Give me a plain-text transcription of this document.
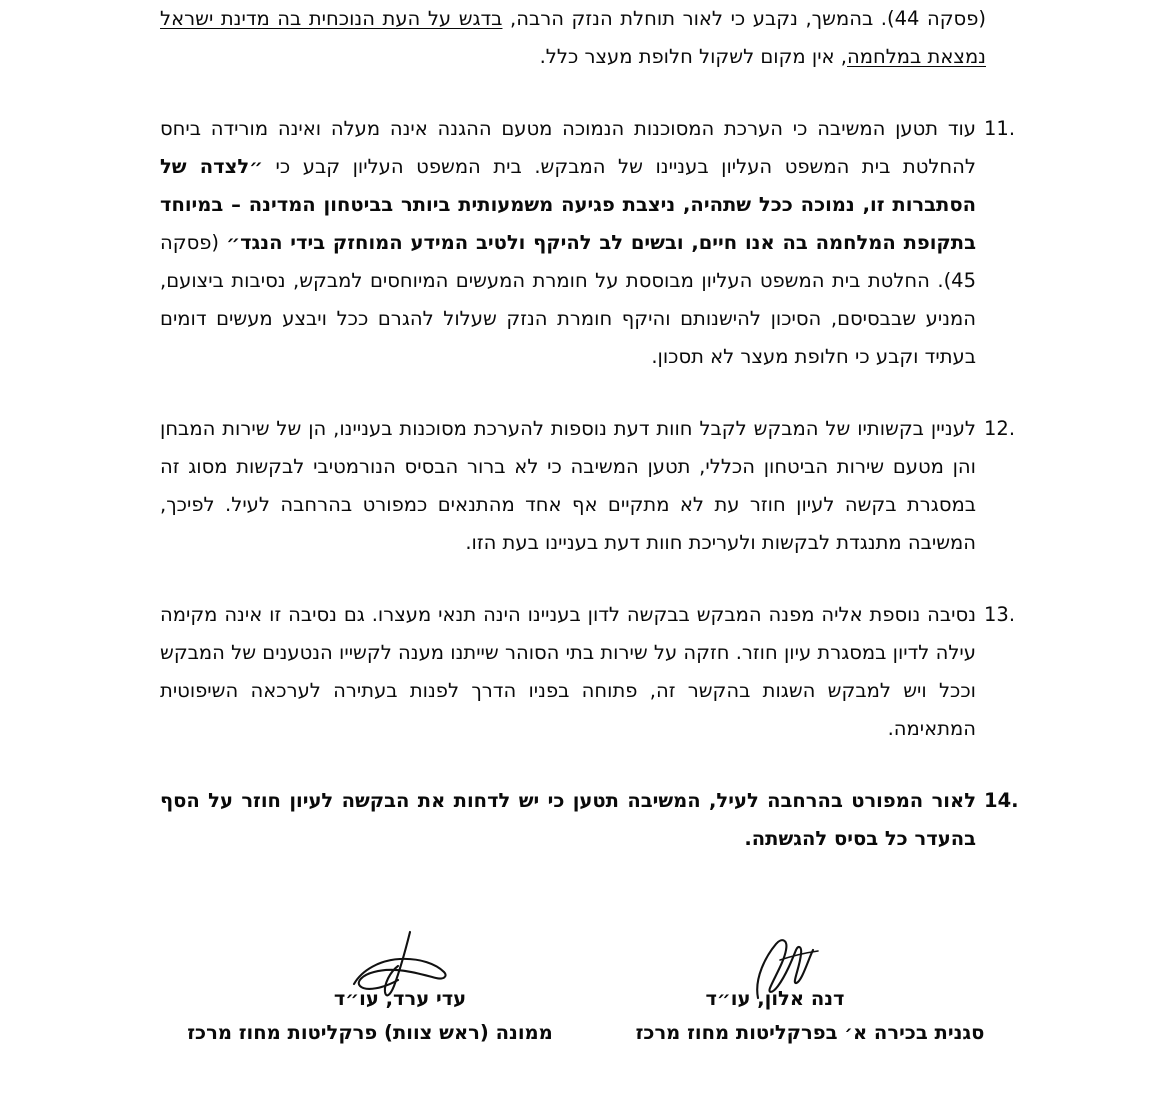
(פסקה 44). בהמשך, נקבע כי לאור תוחלת הנזק הרבה, בדגש על העת הנוכחית בה מדינת ישראל נמצאת במלחמה, אין מקום לשקול חלופת מעצר כלל.

11.
עוד תטען המשיבה כי הערכת המסוכנות הנמוכה מטעם ההגנה אינה מעלה ואינה מורידה ביחס להחלטת בית המשפט העליון בעניינו של המבקש. בית המשפט העליון קבע כי ״לצדה של הסתברות זו, נמוכה ככל שתהיה, ניצבת פגיעה משמעותית ביותר בביטחון המדינה – במיוחד בתקופת המלחמה בה אנו חיים, ובשים לב להיקף ולטיב המידע המוחזק בידי הנגד״ (פסקה 45). החלטת בית המשפט העליון מבוססת על חומרת המעשים המיוחסים למבקש, נסיבות ביצועם, המניע שבבסיסם, הסיכון להישנותם והיקף חומרת הנזק שעלול להגרם ככל ויבצע מעשים דומים בעתיד וקבע כי חלופת מעצר לא תסכון.
12.
לעניין בקשותיו של המבקש לקבל חוות דעת נוספות להערכת מסוכנות בעניינו, הן של שירות המבחן והן מטעם שירות הביטחון הכללי, תטען המשיבה כי לא ברור הבסיס הנורמטיבי לבקשות מסוג זה במסגרת בקשה לעיון חוזר עת לא מתקיים אף אחד מהתנאים כמפורט בהרחבה לעיל. לפיכך, המשיבה מתנגדת לבקשות ולעריכת חוות דעת בעניינו בעת הזו.
13.
נסיבה נוספת אליה מפנה המבקש בבקשה לדון בעניינו הינה תנאי מעצרו. גם נסיבה זו אינה מקימה עילה לדיון במסגרת עיון חוזר. חזקה על שירות בתי הסוהר שייתנו מענה לקשייו הנטענים של המבקש וככל ויש למבקש השגות בהקשר זה, פתוחה בפניו הדרך לפנות בעתירה לערכאה השיפוטית המתאימה.
14.
לאור המפורט בהרחבה לעיל, המשיבה תטען כי יש לדחות את הבקשה לעיון חוזר על הסף בהעדר כל בסיס להגשתה.
דנה אלון, עו״ד
סגנית בכירה א׳ בפרקליטות מחוז מרכז
עדי ערד, עו״ד
ממונה (ראש צוות) פרקליטות מחוז מרכז
